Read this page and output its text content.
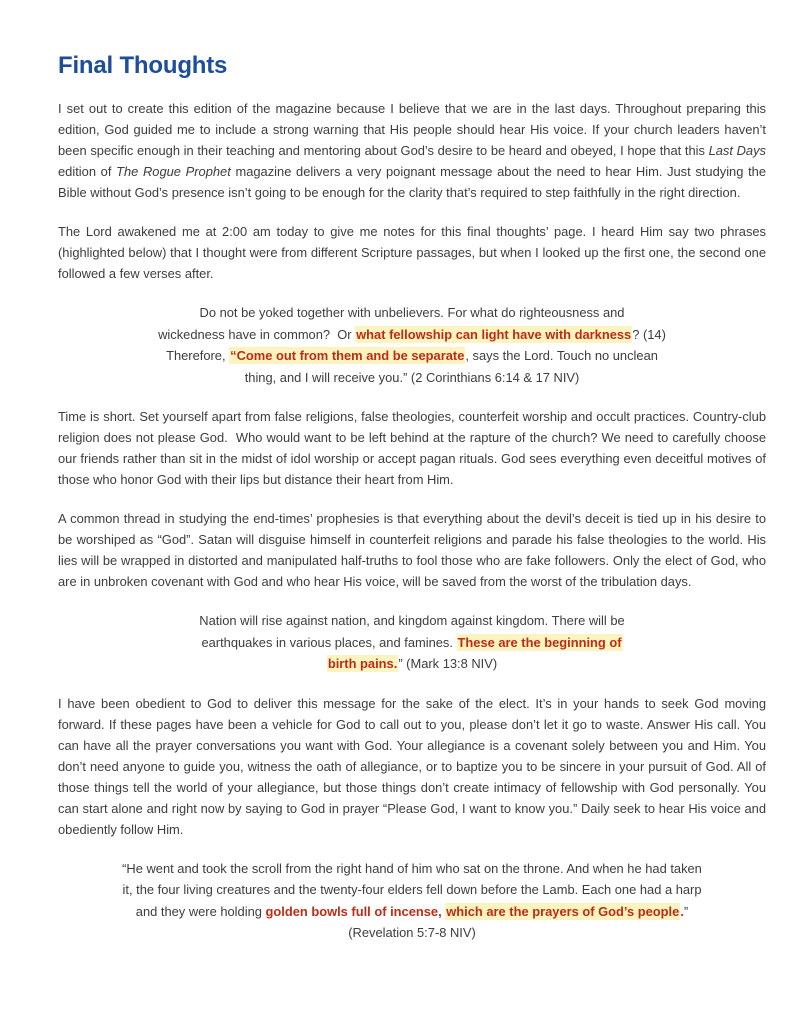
Final Thoughts
I set out to create this edition of the magazine because I believe that we are in the last days. Throughout preparing this edition, God guided me to include a strong warning that His people should hear His voice. If your church leaders haven’t been specific enough in their teaching and mentoring about God’s desire to be heard and obeyed, I hope that this Last Days edition of The Rogue Prophet magazine delivers a very poignant message about the need to hear Him. Just studying the Bible without God’s presence isn’t going to be enough for the clarity that’s required to step faithfully in the right direction.
The Lord awakened me at 2:00 am today to give me notes for this final thoughts’ page. I heard Him say two phrases (highlighted below) that I thought were from different Scripture passages, but when I looked up the first one, the second one followed a few verses after.
Do not be yoked together with unbelievers. For what do righteousness and
wickedness have in common?  Or what fellowship can light have with darkness? (14)
Therefore, “Come out from them and be separate, says the Lord. Touch no unclean
thing, and I will receive you.” (2 Corinthians 6:14 & 17 NIV)
Time is short. Set yourself apart from false religions, false theologies, counterfeit worship and occult practices. Country-club religion does not please God.  Who would want to be left behind at the rapture of the church? We need to carefully choose our friends rather than sit in the midst of idol worship or accept pagan rituals. God sees everything even deceitful motives of those who honor God with their lips but distance their heart from Him.
A common thread in studying the end-times’ prophesies is that everything about the devil’s deceit is tied up in his desire to be worshiped as “God”. Satan will disguise himself in counterfeit religions and parade his false theologies to the world. His lies will be wrapped in distorted and manipulated half-truths to fool those who are fake followers. Only the elect of God, who are in unbroken covenant with God and who hear His voice, will be saved from the worst of the tribulation days.
Nation will rise against nation, and kingdom against kingdom. There will be
earthquakes in various places, and famines. These are the beginning of
birth pains.” (Mark 13:8 NIV)
I have been obedient to God to deliver this message for the sake of the elect. It’s in your hands to seek God moving forward. If these pages have been a vehicle for God to call out to you, please don’t let it go to waste. Answer His call. You can have all the prayer conversations you want with God. Your allegiance is a covenant solely between you and Him. You don’t need anyone to guide you, witness the oath of allegiance, or to baptize you to be sincere in your pursuit of God. All of those things tell the world of your allegiance, but those things don’t create intimacy of fellowship with God personally. You can start alone and right now by saying to God in prayer “Please God, I want to know you.” Daily seek to hear His voice and obediently follow Him.
“He went and took the scroll from the right hand of him who sat on the throne. And when he had taken
it, the four living creatures and the twenty-four elders fell down before the Lamb. Each one had a harp
and they were holding golden bowls full of incense, which are the prayers of God’s people.”
(Revelation 5:7-8 NIV)
